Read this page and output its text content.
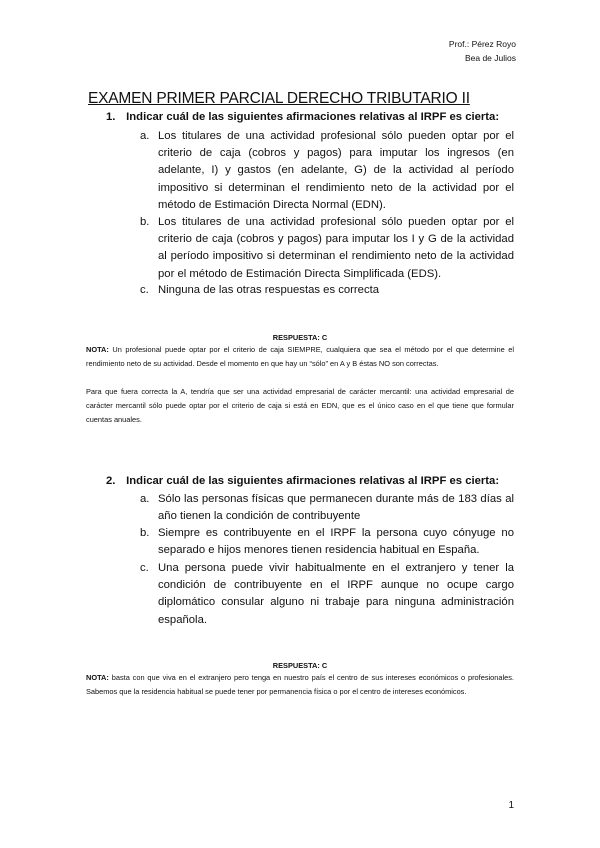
Prof.: Pérez Royo
Bea de Julios
EXAMEN PRIMER PARCIAL DERECHO TRIBUTARIO II
1. Indicar cuál de las siguientes afirmaciones relativas al IRPF es cierta:
a. Los titulares de una actividad profesional sólo pueden optar por el criterio de caja (cobros y pagos) para imputar los ingresos (en adelante, I) y gastos (en adelante, G) de la actividad al período impositivo si determinan el rendimiento neto de la actividad por el método de Estimación Directa Normal (EDN).
b. Los titulares de una actividad profesional sólo pueden optar por el criterio de caja (cobros y pagos) para imputar los I y G de la actividad al período impositivo si determinan el rendimiento neto de la actividad por el método de Estimación Directa Simplificada (EDS).
c. Ninguna de las otras respuestas es correcta
RESPUESTA: C
NOTA: Un profesional puede optar por el criterio de caja SIEMPRE, cualquiera que sea el método por el que determine el rendimiento neto de su actividad. Desde el momento en que hay un “sólo” en A y B éstas NO son correctas.
Para que fuera correcta la A, tendría que ser una actividad empresarial de carácter mercantil: una actividad empresarial de carácter mercantil sólo puede optar por el criterio de caja si está en EDN, que es el único caso en el que tiene que formular cuentas anuales.
2. Indicar cuál de las siguientes afirmaciones relativas al IRPF es cierta:
a. Sólo las personas físicas que permanecen durante más de 183 días al año tienen la condición de contribuyente
b. Siempre es contribuyente en el IRPF la persona cuyo cónyuge no separado e hijos menores tienen residencia habitual en España.
c. Una persona puede vivir habitualmente en el extranjero y tener la condición de contribuyente en el IRPF aunque no ocupe cargo diplomático consular alguno ni trabaje para ninguna administración española.
RESPUESTA: C
NOTA: basta con que viva en el extranjero pero tenga en nuestro país el centro de sus intereses económicos o profesionales. Sabemos que la residencia habitual se puede tener por permanencia física o por el centro de intereses económicos.
1
